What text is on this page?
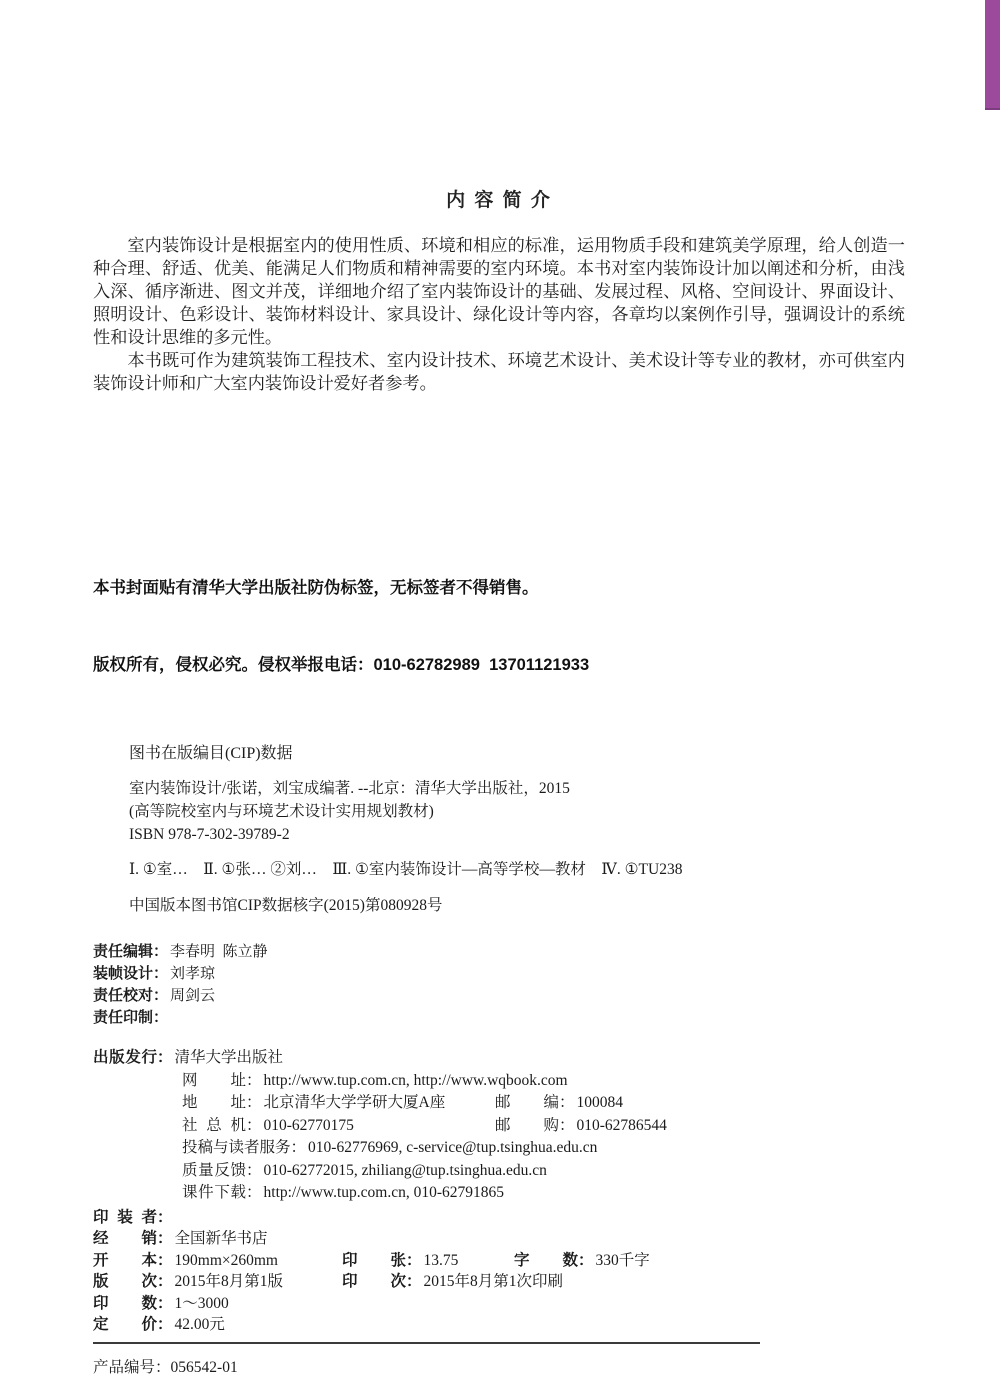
内 容 简 介

室内装饰设计是根据室内的使用性质、环境和相应的标准，运用物质手段和建筑美学原理，给人创造一种合理、舒适、优美、能满足人们物质和精神需要的室内环境。本书对室内装饰设计加以阐述和分析，由浅入深、循序渐进、图文并茂，详细地介绍了室内装饰设计的基础、发展过程、风格、空间设计、界面设计、照明设计、色彩设计、装饰材料设计、家具设计、绿化设计等内容，各章均以案例作引导，强调设计的系统性和设计思维的多元性。

本书既可作为建筑装饰工程技术、室内设计技术、环境艺术设计、美术设计等专业的教材，亦可供室内装饰设计师和广大室内装饰设计爱好者参考。

本书封面贴有清华大学出版社防伪标签，无标签者不得销售。

版权所有，侵权必究。侵权举报电话：010-62782989  13701121933

图书在版编目(CIP)数据
室内装饰设计/张诺，刘宝成编著. --北京：清华大学出版社，2015
(高等院校室内与环境艺术设计实用规划教材)
ISBN 978-7-302-39789-2
Ⅰ. ①室…　Ⅱ. ①张… ②刘…　Ⅲ. ①室内装饰设计—高等学校—教材　Ⅳ. ①TU238
中国版本图书馆CIP数据核字(2015)第080928号
责任编辑： 李春明  陈立静
装帧设计： 刘孝琼
责任校对： 周剑云
责任印制：
出版发行： 清华大学出版社
网址： http://www.tup.com.cn, http://www.wqbook.com
地址： 北京清华大学学研大厦A座	邮编： 100084
社总机： 010-62770175	邮购： 010-62786544
投稿与读者服务： 010-62776969, c-service@tup.tsinghua.edu.cn
质量反馈： 010-62772015, zhiliang@tup.tsinghua.edu.cn
课件下载： http://www.tup.com.cn, 010-62791865
印装者：
经销： 全国新华书店
开本： 190mm×260mm	印张： 13.75	字数： 330千字
版次： 2015年8月第1版	印次： 2015年8月第1次印刷
印数： 1～3000
定价： 42.00元
产品编号：056542-01
